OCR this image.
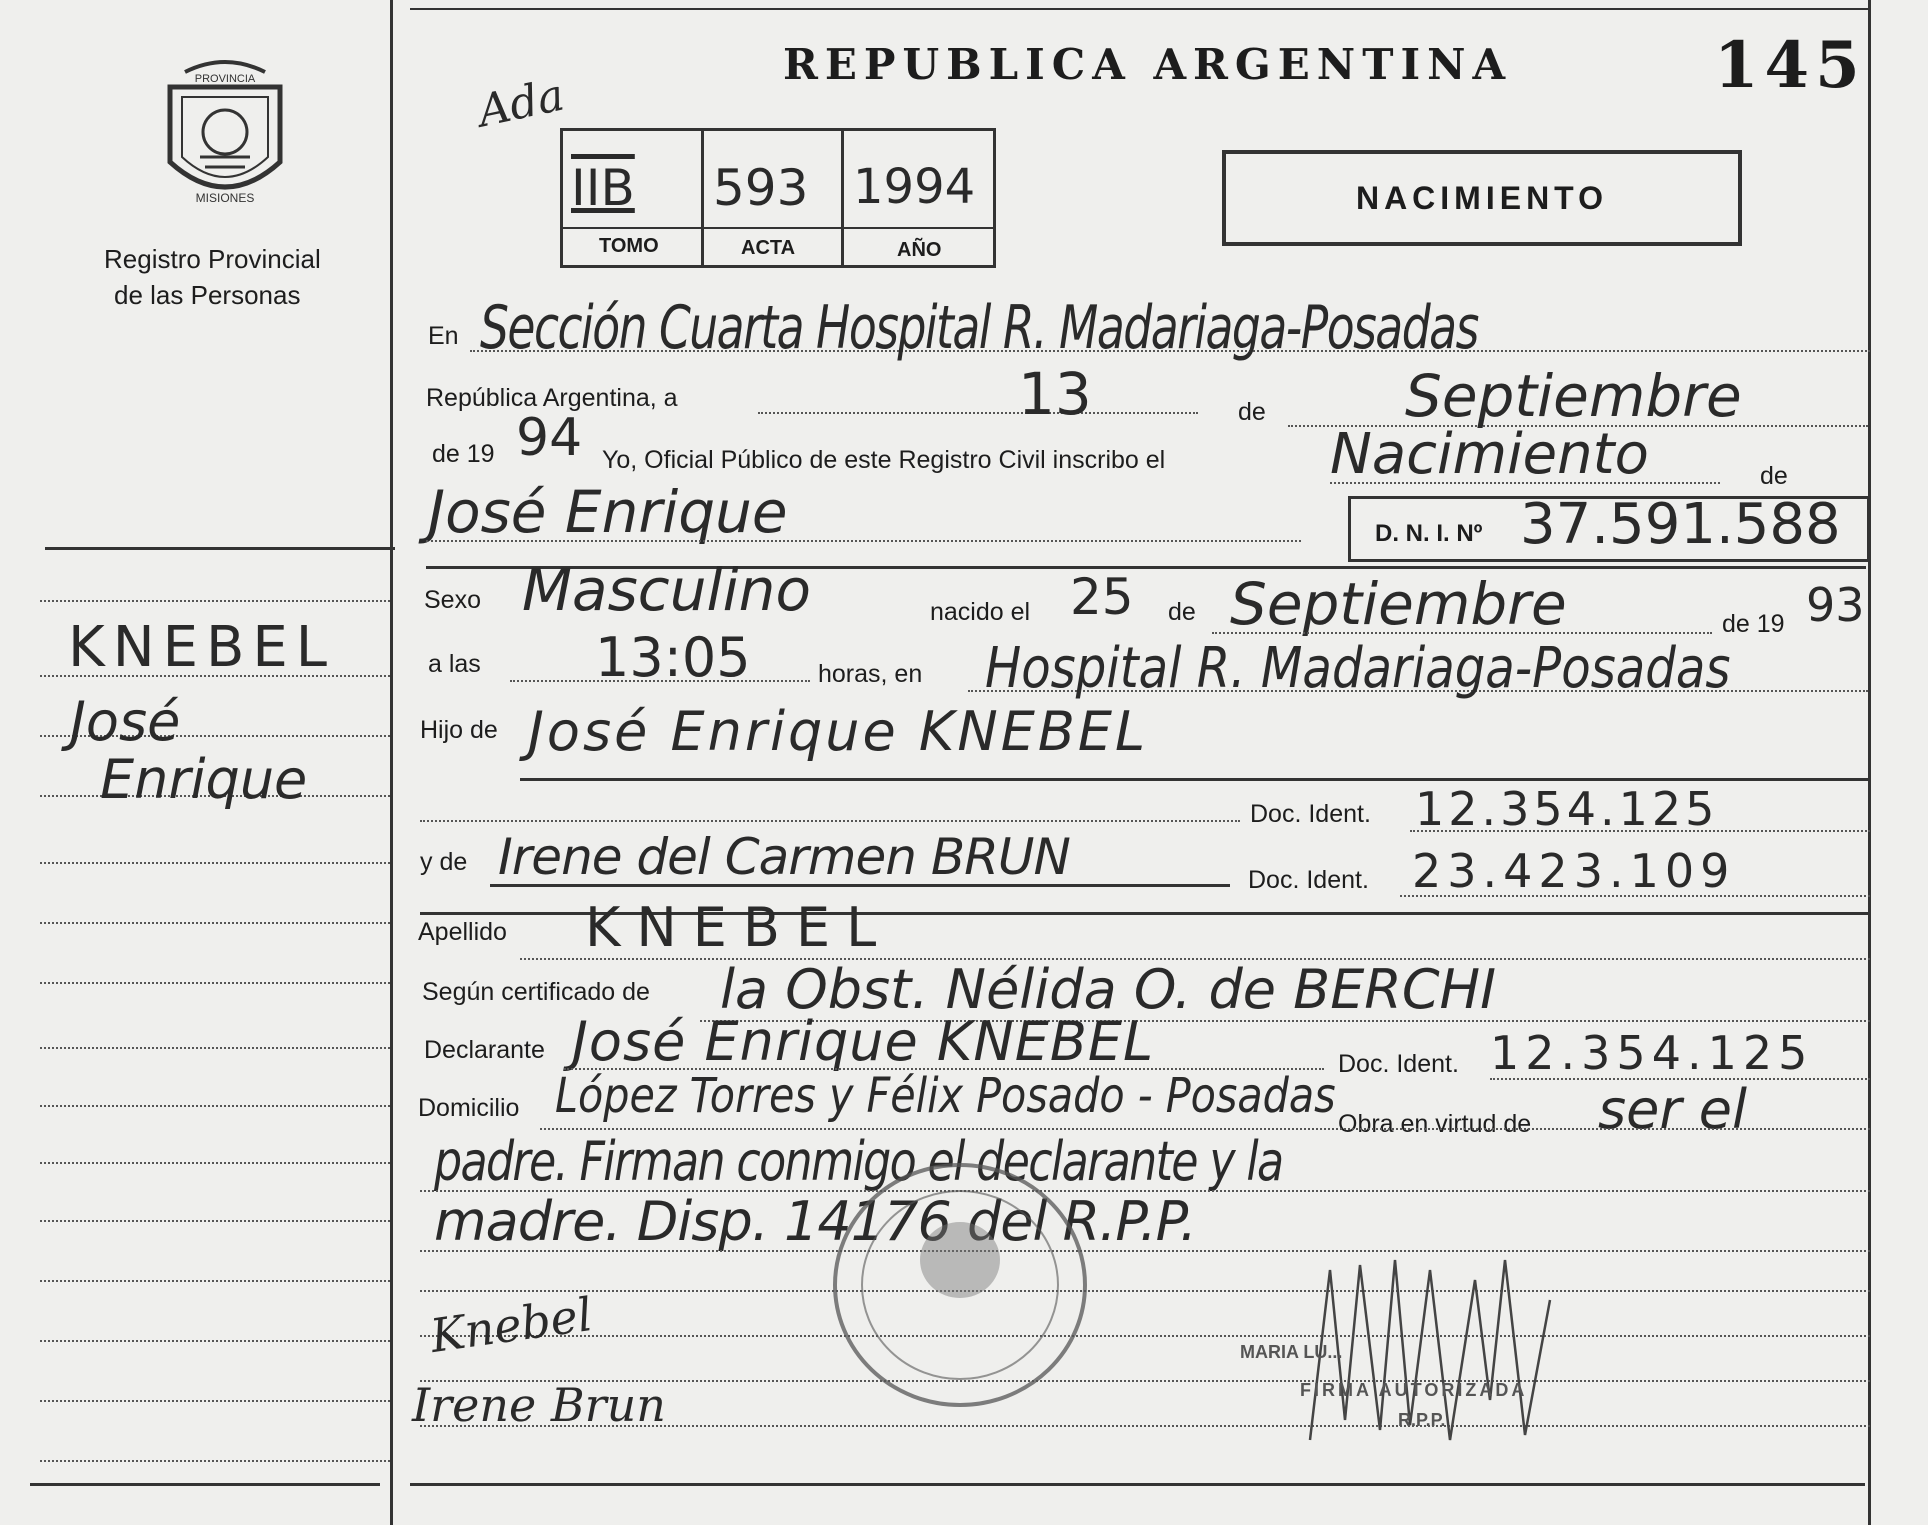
PROVINCIA
MISIONES
Registro Provincial
de las Personas
KNEBEL
José
Enrique
Ada
REPUBLICA ARGENTINA	145
IIB 593 1994
TOMO	ACTA	AÑO
NACIMIENTO
En Sección Cuarta Hospital R. Madariaga-Posadas
República Argentina, a	13	de Septiembre
de 19 94 Yo, Oficial Público de este Registro Civil inscribo el	Nacimiento	de
José Enrique	D. N. I. Nº 37.591.588
Sexo Masculino	nacido el 25 de Septiembre	de 19 93
a las 13:05	horas, en Hospital R. Madariaga-Posadas
Hijo de José Enrique KNEBEL
Doc. Ident. 12.354.125
y de Irene del Carmen BRUN	Doc. Ident. 23.423.109
Apellido KNEBEL
Según certificado de la Obst. Nélida O. de BERCHI
Declarante José Enrique KNEBEL	Doc. Ident. 12.354.125
Domicilio López Torres y Félix Posado - Posadas Obra en virtud de ser el
padre. Firman conmigo el declarante y la
madre. Disp. 14176 del R.P.P.
Knebel
Irene Brun
MARIA LU...
FIRMA AUTORIZADA
R.P.P.
